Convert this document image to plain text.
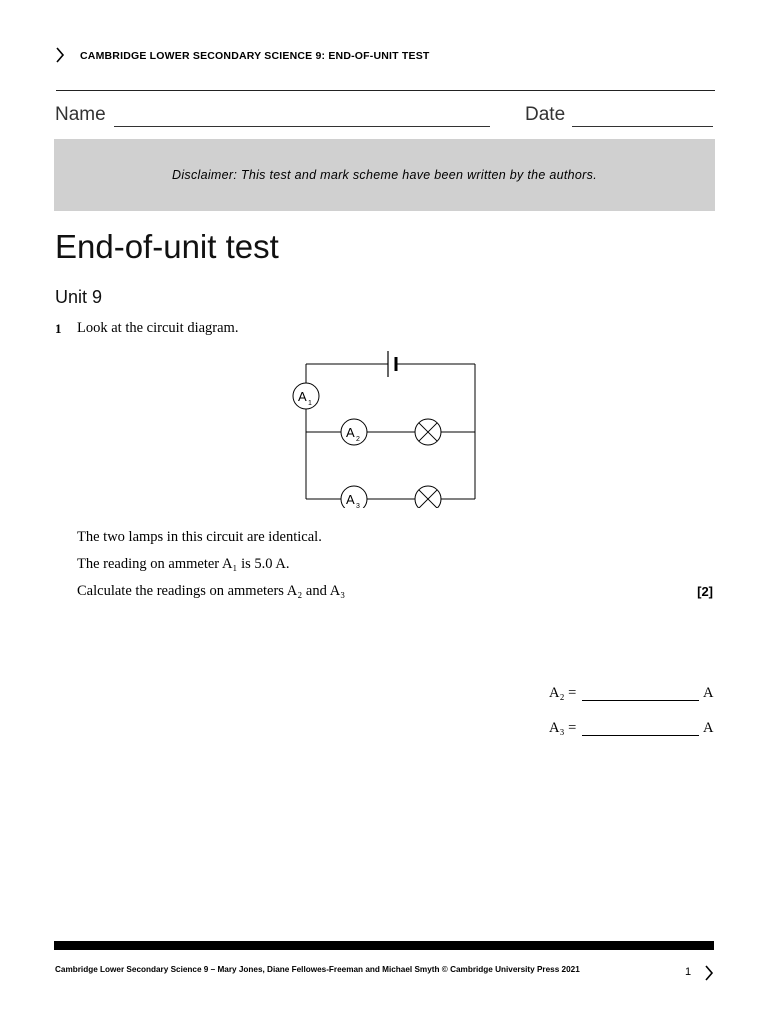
CAMBRIDGE LOWER SECONDARY SCIENCE 9: END-OF-UNIT TEST
Name	Date
Disclaimer: This test and mark scheme have been written by the authors.
End-of-unit test
Unit 9
1 Look at the circuit diagram.
A 1
A 2
A 3
The two lamps in this circuit are identical.
The reading on ammeter A₁ is 5.0 A.
Calculate the readings on ammeters A₂ and A₃	[2]
A₂ =	A
A₃ =	A
Cambridge Lower Secondary Science 9 – Mary Jones, Diane Fellowes-Freeman and Michael Smyth © Cambridge University Press 2021	1
